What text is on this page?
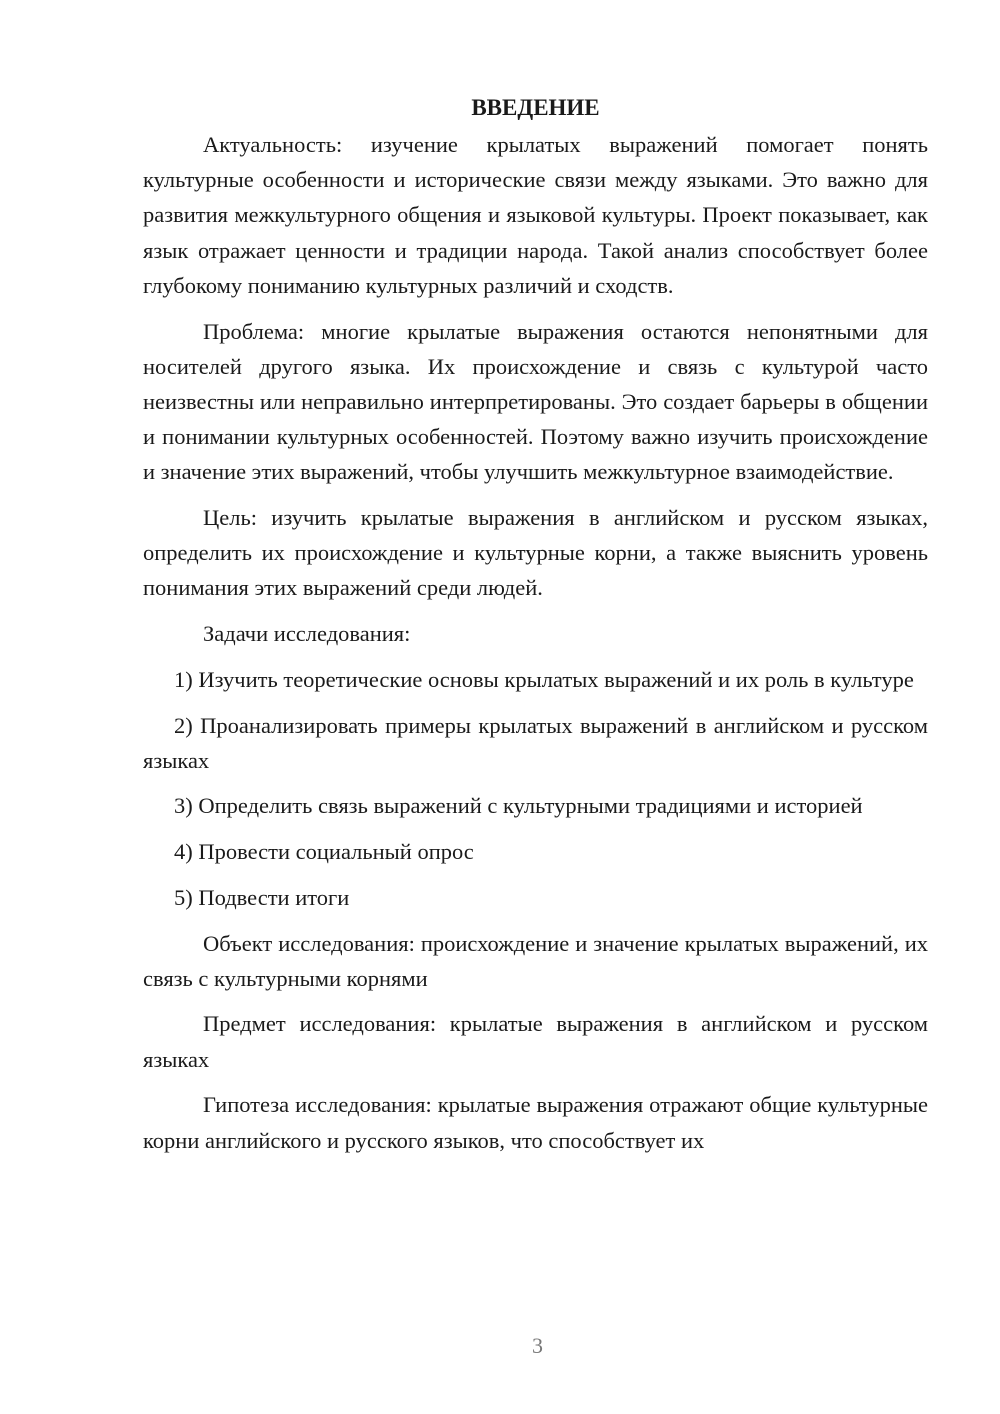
ВВЕДЕНИЕ

Актуальность: изучение крылатых выражений помогает понять культурные особенности и исторические связи между языками. Это важно для развития межкультурного общения и языковой культуры. Проект показывает, как язык отражает ценности и традиции народа. Такой анализ способствует более глубокому пониманию культурных различий и сходств.

Проблема: многие крылатые выражения остаются непонятными для носителей другого языка. Их происхождение и связь с культурой часто неизвестны или неправильно интерпретированы. Это создает барьеры в общении и понимании культурных особенностей. Поэтому важно изучить происхождение и значение этих выражений, чтобы улучшить межкультурное взаимодействие.

Цель: изучить крылатые выражения в английском и русском языках, определить их происхождение и культурные корни, а также выяснить уровень понимания этих выражений среди людей.

Задачи исследования:

1) Изучить теоретические основы крылатых выражений и их роль в культуре

2) Проанализировать примеры крылатых выражений в английском и русском языках

3) Определить связь выражений с культурными традициями и историей

4) Провести социальный опрос

5) Подвести итоги

Объект исследования: происхождение и значение крылатых выражений, их связь с культурными корнями

Предмет исследования: крылатые выражения в английском и русском языках

Гипотеза исследования: крылатые выражения отражают общие культурные корни английского и русского языков, что способствует их

3
